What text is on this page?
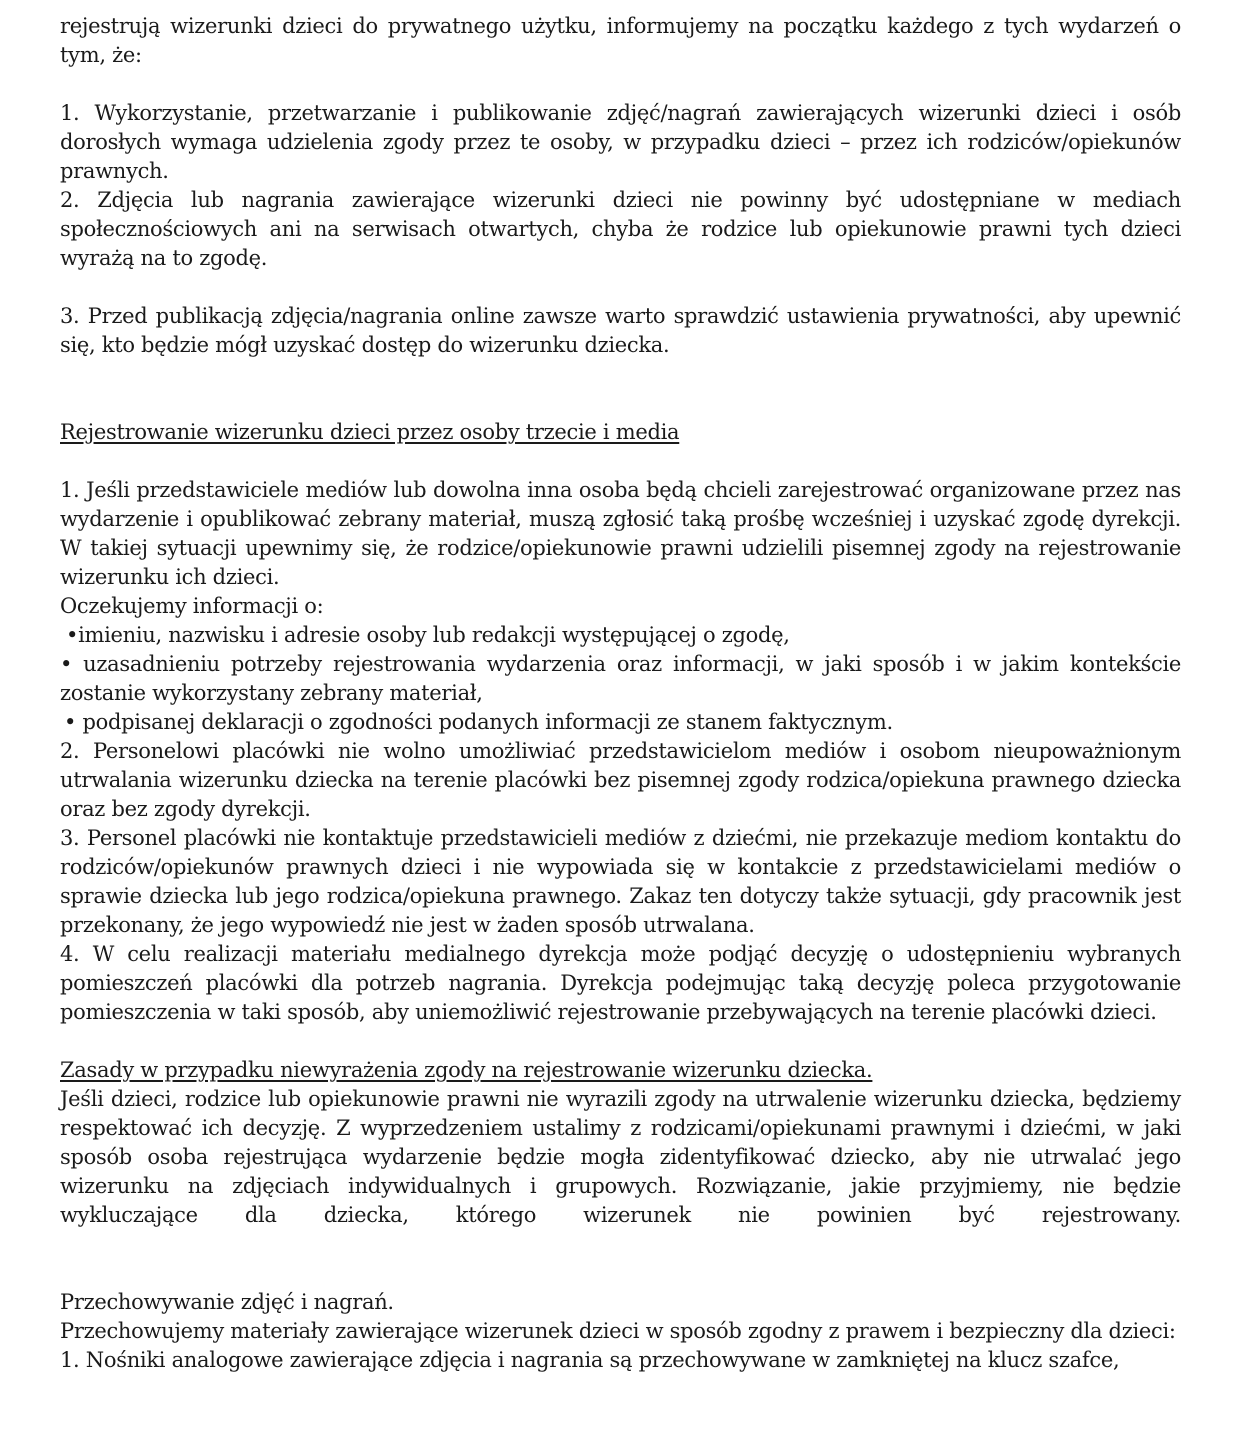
rejestrują wizerunki dzieci do prywatnego użytku, informujemy na początku każdego z tych wydarzeń o tym, że:

1. Wykorzystanie, przetwarzanie i publikowanie zdjęć/nagrań zawierających wizerunki dzieci i osób dorosłych wymaga udzielenia zgody przez te osoby, w przypadku dzieci – przez ich rodziców/opiekunów prawnych.

2. Zdjęcia lub nagrania zawierające wizerunki dzieci nie powinny być udostępniane w mediach społecznościowych ani na serwisach otwartych, chyba że rodzice lub opiekunowie prawni tych dzieci wyrażą na to zgodę.

3. Przed publikacją zdjęcia/nagrania online zawsze warto sprawdzić ustawienia prywatności, aby upewnić się, kto będzie mógł uzyskać dostęp do wizerunku dziecka.

Rejestrowanie wizerunku dzieci przez osoby trzecie i media

1. Jeśli przedstawiciele mediów lub dowolna inna osoba będą chcieli zarejestrować organizowane przez nas wydarzenie i opublikować zebrany materiał, muszą zgłosić taką prośbę wcześniej i uzyskać zgodę dyrekcji. W takiej sytuacji upewnimy się, że rodzice/opiekunowie prawni udzielili pisemnej zgody na rejestrowanie wizerunku ich dzieci.

Oczekujemy informacji o:

•imieniu, nazwisku i adresie osoby lub redakcji występującej o zgodę,

• uzasadnieniu potrzeby rejestrowania wydarzenia oraz informacji, w jaki sposób i w jakim kontekście zostanie wykorzystany zebrany materiał,

• podpisanej deklaracji o zgodności podanych informacji ze stanem faktycznym.

2. Personelowi placówki nie wolno umożliwiać przedstawicielom mediów i osobom nieupoważnionym utrwalania wizerunku dziecka na terenie placówki bez pisemnej zgody rodzica/opiekuna prawnego dziecka oraz bez zgody dyrekcji.

3. Personel placówki nie kontaktuje przedstawicieli mediów z dziećmi, nie przekazuje mediom kontaktu do rodziców/opiekunów prawnych dzieci i nie wypowiada się w kontakcie z przedstawicielami mediów o sprawie dziecka lub jego rodzica/opiekuna prawnego. Zakaz ten dotyczy także sytuacji, gdy pracownik jest przekonany, że jego wypowiedź nie jest w żaden sposób utrwalana.

4. W celu realizacji materiału medialnego dyrekcja może podjąć decyzję o udostępnieniu wybranych pomieszczeń placówki dla potrzeb nagrania. Dyrekcja podejmując taką decyzję poleca przygotowanie pomieszczenia w taki sposób, aby uniemożliwić rejestrowanie przebywających na terenie placówki dzieci.

Zasady w przypadku niewyrażenia zgody na rejestrowanie wizerunku dziecka.

Jeśli dzieci, rodzice lub opiekunowie prawni nie wyrazili zgody na utrwalenie wizerunku dziecka, będziemy respektować ich decyzję. Z wyprzedzeniem ustalimy z rodzicami/opiekunami prawnymi i dziećmi, w jaki sposób osoba rejestrująca wydarzenie będzie mogła zidentyfikować dziecko, aby nie utrwalać jego wizerunku na zdjęciach indywidualnych i grupowych. Rozwiązanie, jakie przyjmiemy, nie będzie wykluczające dla dziecka, którego wizerunek nie powinien być rejestrowany.

Przechowywanie zdjęć i nagrań.

Przechowujemy materiały zawierające wizerunek dzieci w sposób zgodny z prawem i bezpieczny dla dzieci:

1. Nośniki analogowe zawierające zdjęcia i nagrania są przechowywane w zamkniętej na klucz szafce,
